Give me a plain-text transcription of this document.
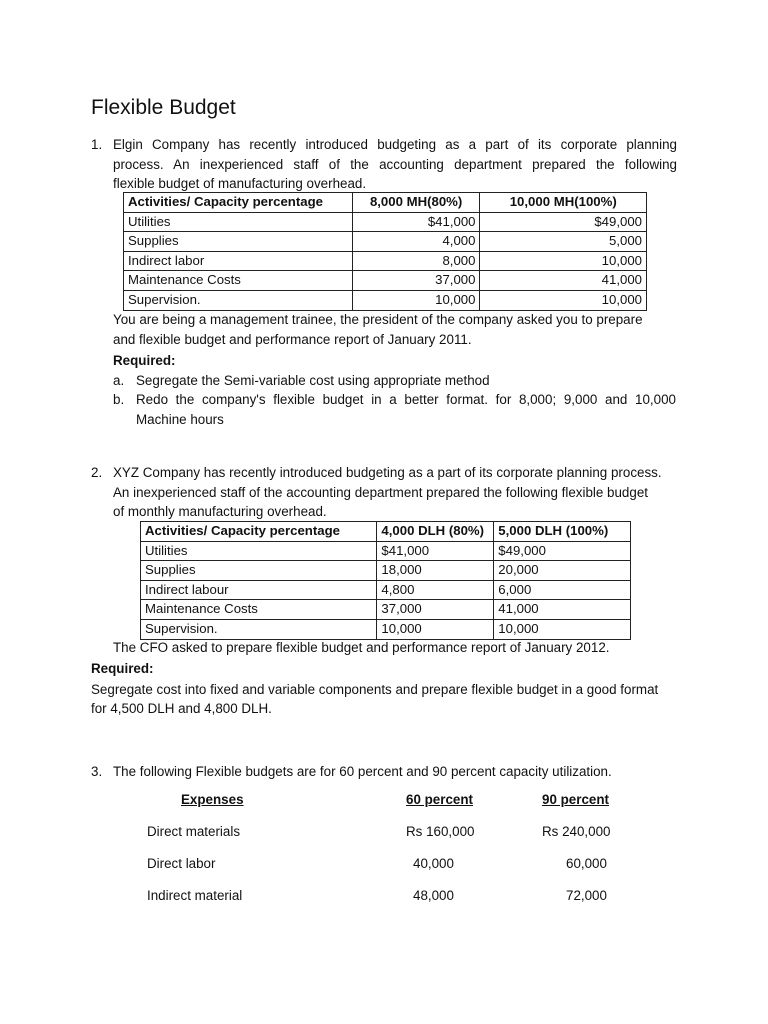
Flexible Budget
1. Elgin Company has recently introduced budgeting as a part of its corporate planning
process. An inexperienced staff of the accounting department prepared the following
flexible budget of manufacturing overhead.
Activities/ Capacity percentage	8,000 MH(80%)	10,000 MH(100%)
Utilities	$41,000	$49,000
Supplies	4,000	5,000
Indirect labor	8,000	10,000
Maintenance Costs	37,000	41,000
Supervision.	10,000	10,000
You are being a management trainee, the president of the company asked you to prepare
and flexible budget and performance report of January 2011.
Required:
a. Segregate the Semi-variable cost using appropriate method
b. Redo the company's flexible budget in a better format. for 8,000; 9,000 and 10,000
Machine hours
2. XYZ Company has recently introduced budgeting as a part of its corporate planning process.
An inexperienced staff of the accounting department prepared the following flexible budget
of monthly manufacturing overhead.
Activities/ Capacity percentage	4,000 DLH (80%)	5,000 DLH (100%)
Utilities	$41,000	$49,000
Supplies	18,000	20,000
Indirect labour	4,800	6,000
Maintenance Costs	37,000	41,000
Supervision.	10,000	10,000
The CFO asked to prepare flexible budget and performance report of January 2012.
Required:
Segregate cost into fixed and variable components and prepare flexible budget in a good format
for 4,500 DLH and 4,800 DLH.
3. The following Flexible budgets are for 60 percent and 90 percent capacity utilization.
Expenses	60 percent	90 percent
Direct materials	Rs 160,000	Rs 240,000
Direct labor	40,000	60,000
Indirect material	48,000	72,000
